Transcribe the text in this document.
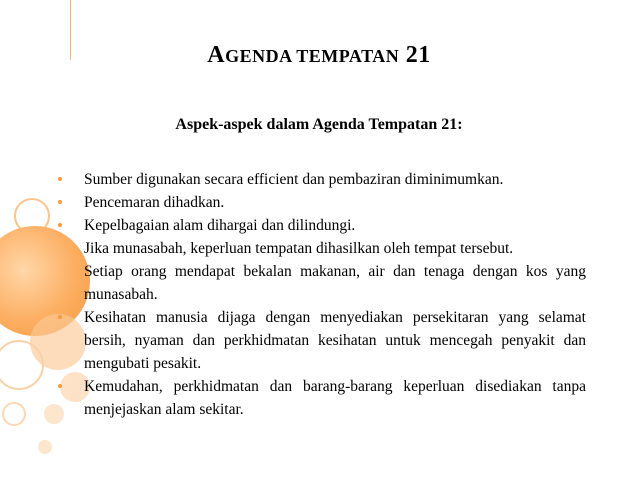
AGENDA TEMPATAN 21
Aspek-aspek dalam Agenda Tempatan 21:
Sumber digunakan secara efficient dan pembaziran diminimumkan.
Pencemaran dihadkan.
Kepelbagaian alam dihargai dan dilindungi.
Jika munasabah, keperluan tempatan dihasilkan oleh tempat tersebut.
Setiap orang mendapat bekalan makanan, air dan tenaga dengan kos yang munasabah.
Kesihatan manusia dijaga dengan menyediakan persekitaran yang selamat bersih, nyaman dan perkhidmatan kesihatan untuk mencegah penyakit dan mengubati pesakit.
Kemudahan, perkhidmatan dan barang-barang keperluan disediakan tanpa menjejaskan alam sekitar.
